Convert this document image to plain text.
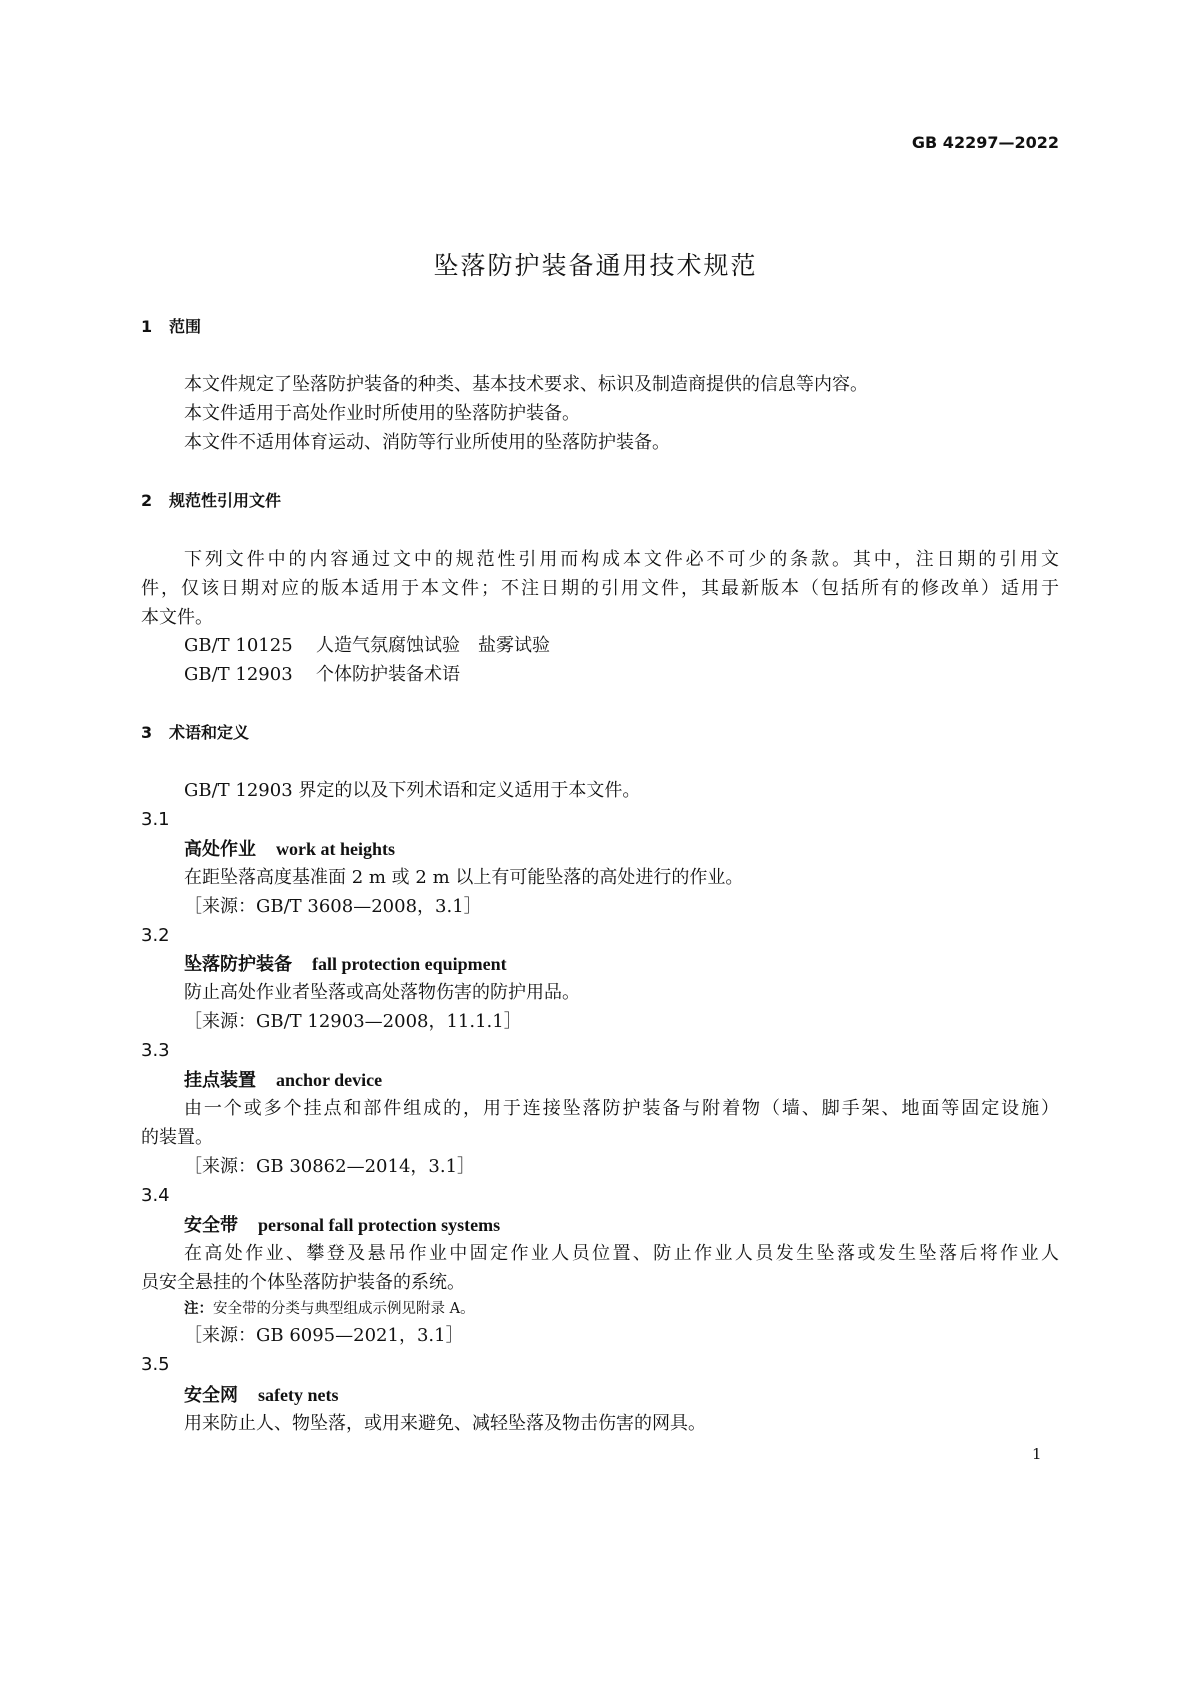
GB 42297—2022
坠落防护装备通用技术规范
1 范围
本文件规定了坠落防护装备的种类、基本技术要求、标识及制造商提供的信息等内容。
本文件适用于高处作业时所使用的坠落防护装备。
本文件不适用体育运动、消防等行业所使用的坠落防护装备。
2 规范性引用文件
下列文件中的内容通过文中的规范性引用而构成本文件必不可少的条款。其中，注日期的引用文
件，仅该日期对应的版本适用于本文件；不注日期的引用文件，其最新版本（包括所有的修改单）适用于
本文件。
GB/T 10125 人造气氛腐蚀试验　盐雾试验
GB/T 12903 个体防护装备术语
3 术语和定义
GB/T 12903 界定的以及下列术语和定义适用于本文件。
3.1
高处作业 work at heights
在距坠落高度基准面 2 m 或 2 m 以上有可能坠落的高处进行的作业。
［来源：GB/T 3608—2008，3.1］
3.2
坠落防护装备 fall protection equipment
防止高处作业者坠落或高处落物伤害的防护用品。
［来源：GB/T 12903—2008，11.1.1］
3.3
挂点装置 anchor device
由一个或多个挂点和部件组成的，用于连接坠落防护装备与附着物（墙、脚手架、地面等固定设施）
的装置。
［来源：GB 30862—2014，3.1］
3.4
安全带 personal fall protection systems
在高处作业、攀登及悬吊作业中固定作业人员位置、防止作业人员发生坠落或发生坠落后将作业人
员安全悬挂的个体坠落防护装备的系统。
注：安全带的分类与典型组成示例见附录 A。
［来源：GB 6095—2021，3.1］
3.5
安全网 safety nets
用来防止人、物坠落，或用来避免、减轻坠落及物击伤害的网具。
1
